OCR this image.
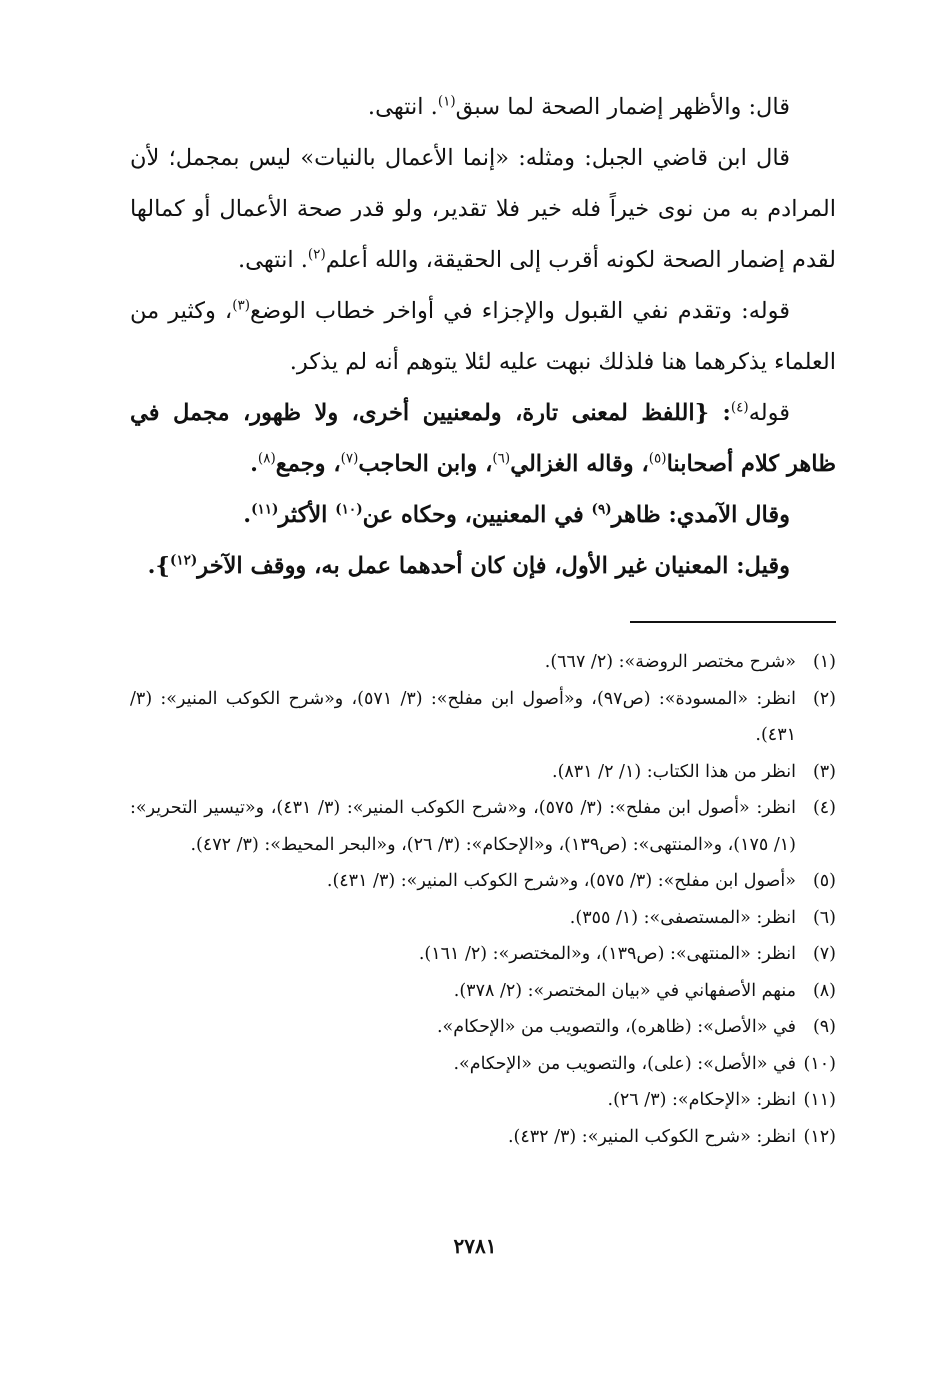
قال: والأظهر إضمار الصحة لما سبق$^{(١)}$. انتهى.

قال ابن قاضي الجبل: ومثله: «إنما الأعمال بالنيات» ليس بمجمل؛ لأن المرادم به من نوى خيراً فله خير فلا تقدير، ولو قدر صحة الأعمال أو كمالها لقدم إضمار الصحة لكونه أقرب إلى الحقيقة، والله أعلم$^{(٢)}$. انتهى.

قوله: وتقدم نفي القبول والإجزاء في أواخر خطاب الوضع$^{(٣)}$، وكثير من العلماء يذكرهما هنا فلذلك نبهت عليه لئلا يتوهم أنه لم يذكر.

قوله$^{(٤)}$: {اللفظ لمعنى تارة، ولمعنيين أخرى، ولا ظهور، مجمل في ظاهر كلام أصحابنا$^{(٥)}$، وقاله الغزالي$^{(٦)}$، وابن الحاجب$^{(٧)}$، وجمع$^{(٨)}$.

وقال الآمدي: ظاهر$^{(٩)}$ في المعنيين، وحكاه عن$^{(١٠)}$ الأكثر$^{(١١)}$.

وقيل: المعنيان غير الأول، فإن كان أحدهما عمل به، ووقف الآخر$^{(١٢)}$}.

(١)
«شرح مختصر الروضة»: (٢/ ٦٦٧).
(٢)
انظر: «المسودة»: (ص٩٧)، و«أصول ابن مفلح»: (٣/ ٥٧١)، و«شرح الكوكب المنير»: (٣/ ٤٣١).
(٣)
انظر من هذا الكتاب: (١/ ٢/ ٨٣١).
(٤)
انظر: «أصول ابن مفلح»: (٣/ ٥٧٥)، و«شرح الكوكب المنير»: (٣/ ٤٣١)، و«تيسير التحرير»: (١/ ١٧٥)، و«المنتهى»: (ص١٣٩)، و«الإحكام»: (٣/ ٢٦)، و«البحر المحيط»: (٣/ ٤٧٢).
(٥)
«أصول ابن مفلح»: (٣/ ٥٧٥)، و«شرح الكوكب المنير»: (٣/ ٤٣١).
(٦)
انظر: «المستصفى»: (١/ ٣٥٥).
(٧)
انظر: «المنتهى»: (ص١٣٩)، و«المختصر»: (٢/ ١٦١).
(٨)
منهم الأصفهاني في «بيان المختصر»: (٢/ ٣٧٨).
(٩)
في «الأصل»: (ظاهره)، والتصويب من «الإحكام».
(١٠)
في «الأصل»: (على)، والتصويب من «الإحكام».
(١١)
انظر: «الإحكام»: (٣/ ٢٦).
(١٢)
انظر: «شرح الكوكب المنير»: (٣/ ٤٣٢).
٢٧٨١
